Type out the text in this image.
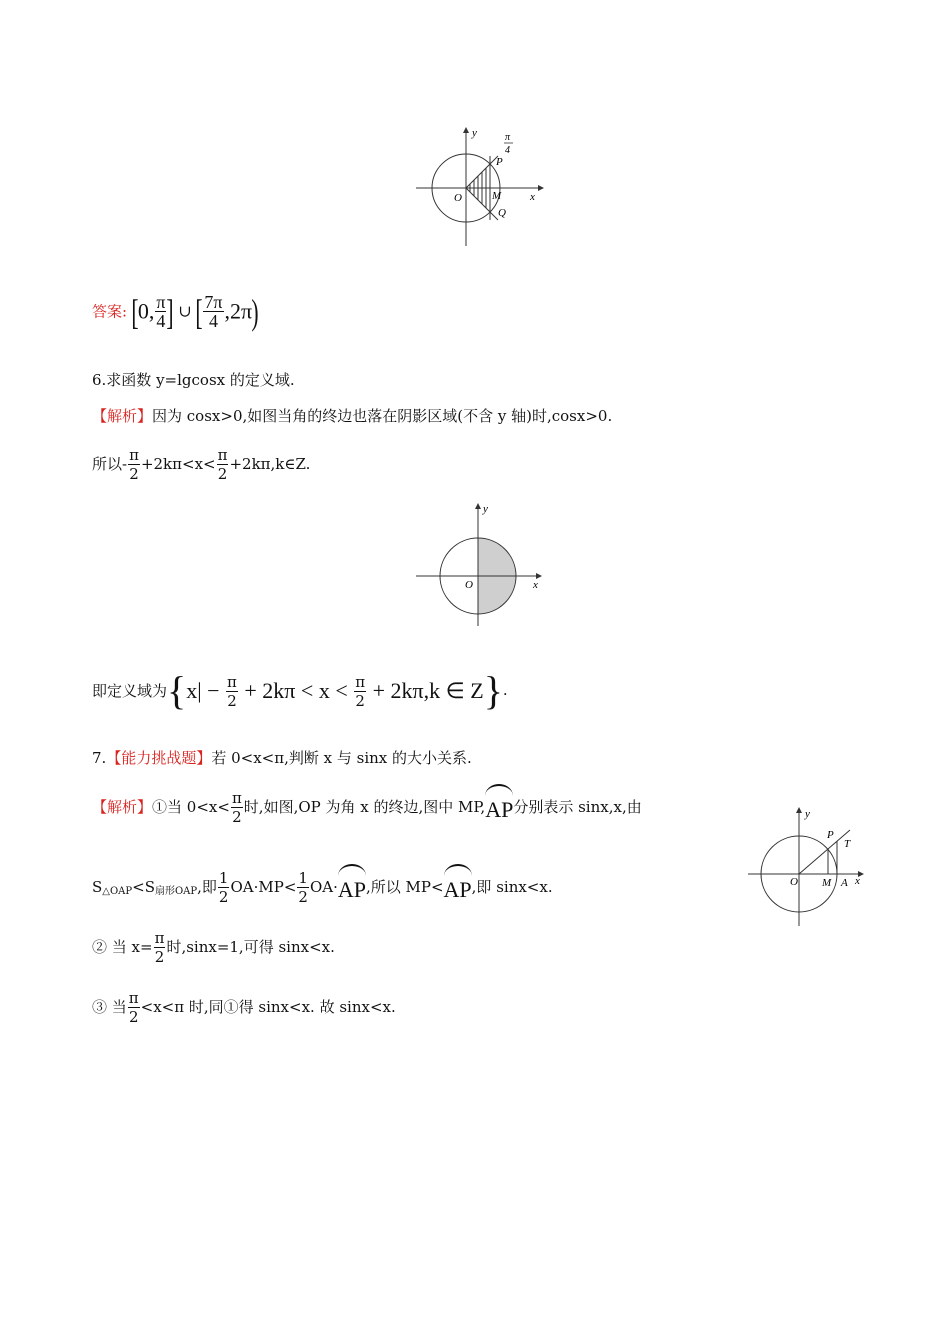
y
x
O
P
M
Q
π
4
答案: [0, $\frac{\pi}{4}$ ] ∪ [ $\frac{7\pi}{4} ,2\pi$)
6.求函数 y=lgcosx 的定义域.
【解析】因为 cosx>0,如图当角的终边也落在阴影区域(不含 y 轴)时,cosx>0.
所以- $\frac{\pi}{2} +2k\pi<x< \frac{\pi}{2}$ +2kπ,k∈Z.
y
x
O
即定义域为{$x| - \frac{\pi}{2} + 2k\pi < x < \frac{\pi}{2} + 2k\pi,k$ ∈ Z}.
7.【能力挑战题】若 0<x<π,判断 x 与 sinx 的大小关系.
【解析】①当 $0<x< \frac{\pi}{2}$ 时,如图,OP 为角 x 的终边,图中 MP,AP分别表示 sinx,x,由	y
x
O
P
T
M A
$S_{\triangle OAP}<S_{扇形OAP}$,即 $\frac{1}{2} OA\cdot MP< \frac{1}{2} OA\cdot AP$,所以 MP<AP,即 sinx<x.
② 当 $x= \frac{\pi}{2}$ 时,sinx=1,可得 sinx<x.
③ 当 $\frac{\pi}{2} <x<\pi$ 时,同①得 sinx<x. 故 sinx<x.
